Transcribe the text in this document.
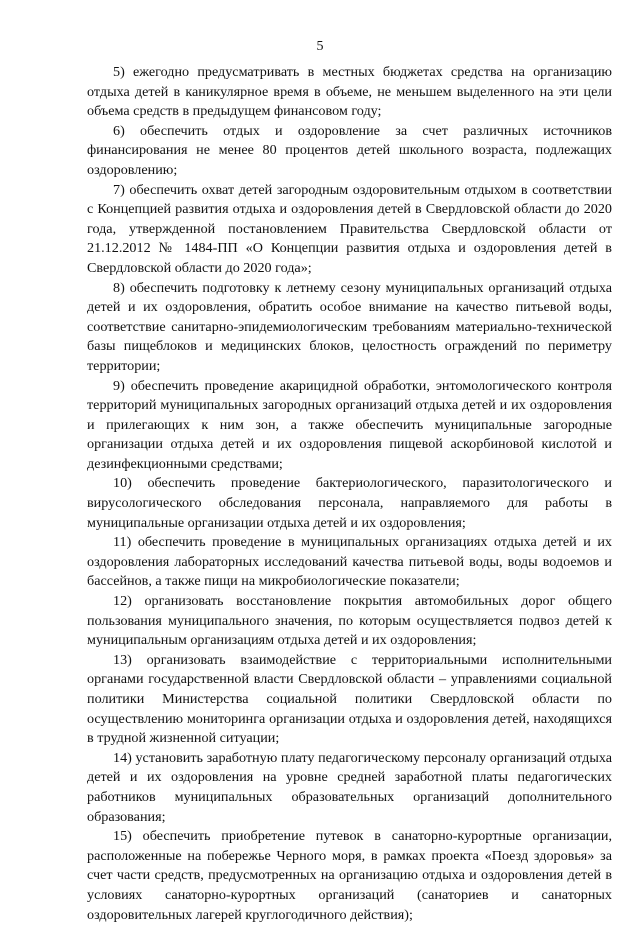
5

5) ежегодно предусматривать в местных бюджетах средства на организацию отдыха детей в каникулярное время в объеме, не меньшем выделенного на эти цели объема средств в предыдущем финансовом году;

6) обеспечить отдых и оздоровление за счет различных источников финансирования не менее 80 процентов детей школьного возраста, подлежащих оздоровлению;

7) обеспечить охват детей загородным оздоровительным отдыхом в соответствии с Концепцией развития отдыха и оздоровления детей в Свердловской области до 2020 года, утвержденной постановлением Правительства Свердловской области от 21.12.2012 № 1484-ПП «О Концепции развития отдыха и оздоровления детей в Свердловской области до 2020 года»;

8) обеспечить подготовку к летнему сезону муниципальных организаций отдыха детей и их оздоровления, обратить особое внимание на качество питьевой воды, соответствие санитарно-эпидемиологическим требованиям материально-технической базы пищеблоков и медицинских блоков, целостность ограждений по периметру территории;

9) обеспечить проведение акарицидной обработки, энтомологического контроля территорий муниципальных загородных организаций отдыха детей и их оздоровления и прилегающих к ним зон, а также обеспечить муниципальные загородные организации отдыха детей и их оздоровления пищевой аскорбиновой кислотой и дезинфекционными средствами;

10) обеспечить проведение бактериологического, паразитологического и вирусологического обследования персонала, направляемого для работы в муниципальные организации отдыха детей и их оздоровления;

11) обеспечить проведение в муниципальных организациях отдыха детей и их оздоровления лабораторных исследований качества питьевой воды, воды водоемов и бассейнов, а также пищи на микробиологические показатели;

12) организовать восстановление покрытия автомобильных дорог общего пользования муниципального значения, по которым осуществляется подвоз детей к муниципальным организациям отдыха детей и их оздоровления;

13) организовать взаимодействие с территориальными исполнительными органами государственной власти Свердловской области – управлениями социальной политики Министерства социальной политики Свердловской области по осуществлению мониторинга организации отдыха и оздоровления детей, находящихся в трудной жизненной ситуации;

14) установить заработную плату педагогическому персоналу организаций отдыха детей и их оздоровления на уровне средней заработной платы педагогических работников муниципальных образовательных организаций дополнительного образования;

15) обеспечить приобретение путевок в санаторно-курортные организации, расположенные на побережье Черного моря, в рамках проекта «Поезд здоровья» за счет части средств, предусмотренных на организацию отдыха и оздоровления детей в условиях санаторно-курортных организаций (санаториев и санаторных оздоровительных лагерей круглогодичного действия);
